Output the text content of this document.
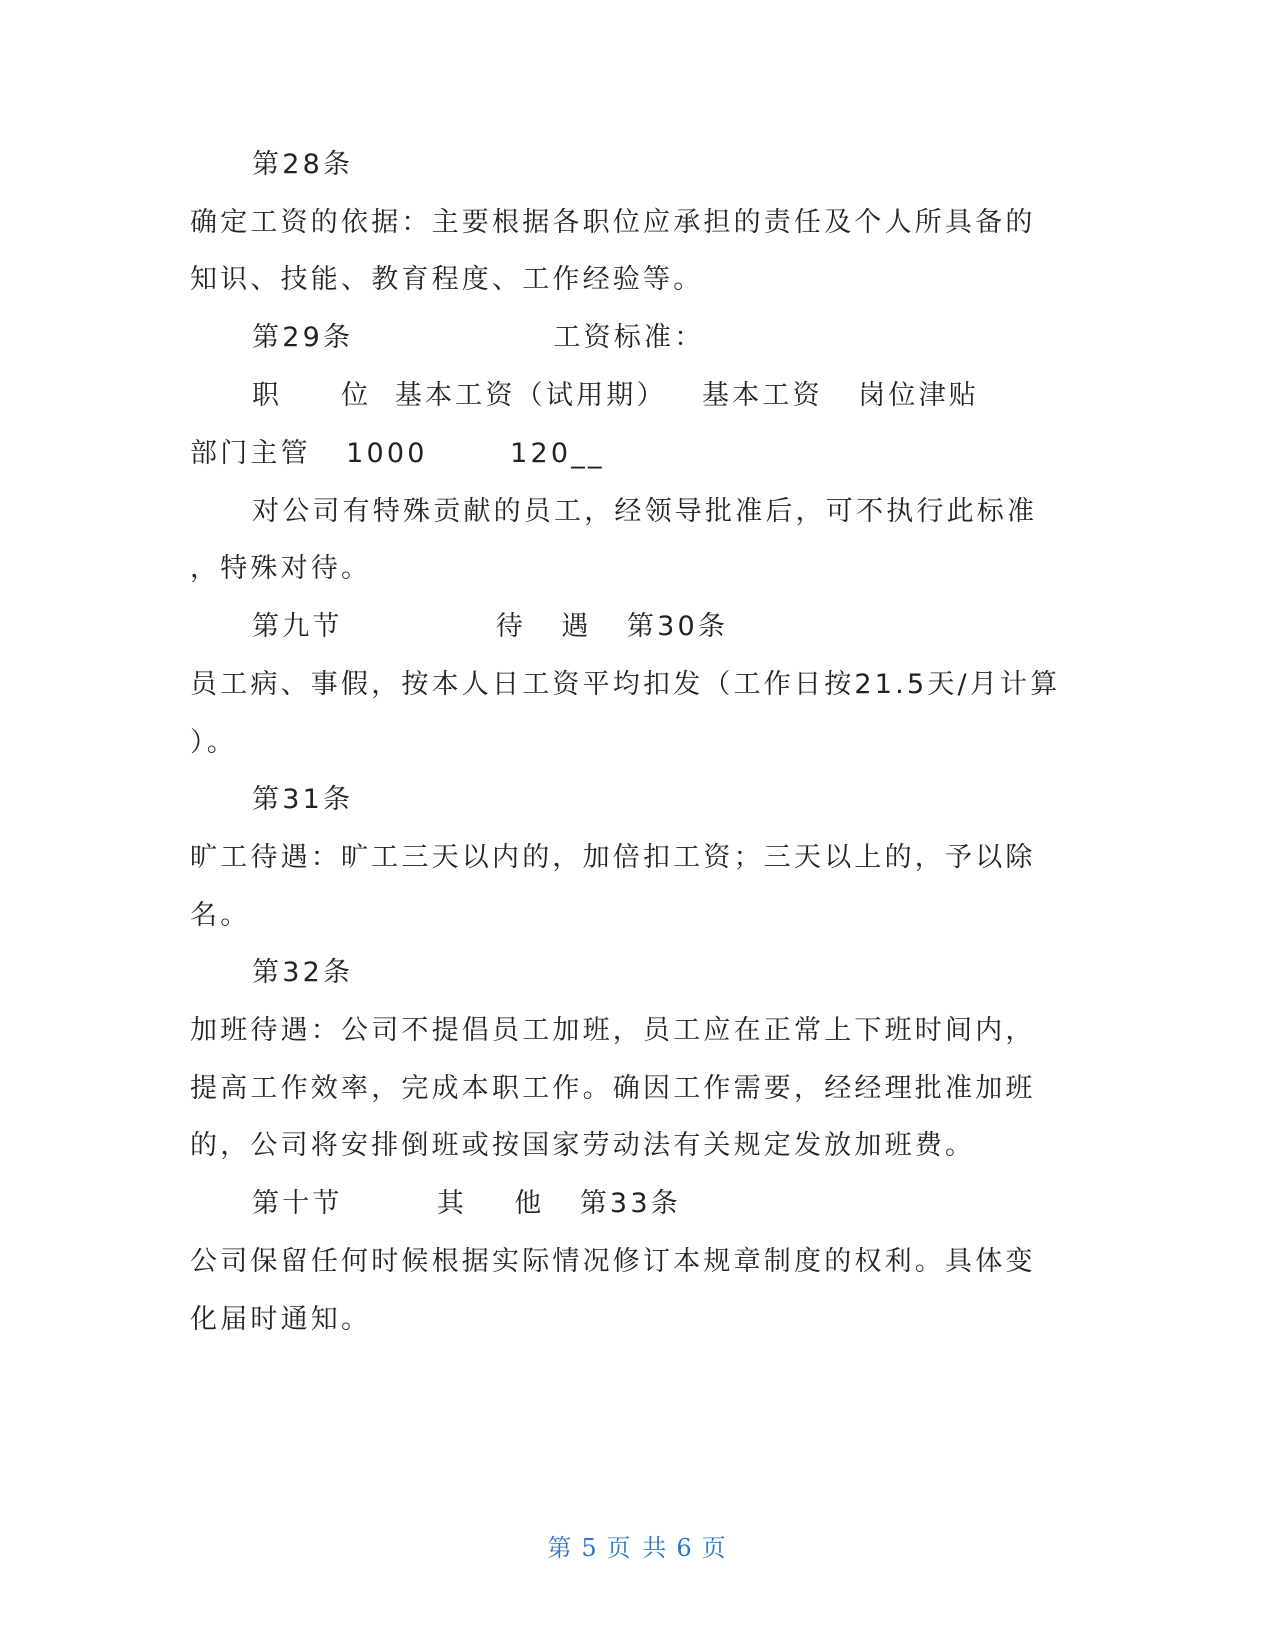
第28条
确定工资的依据：主要根据各职位应承担的责任及个人所具备的
知识、技能、教育程度、工作经验等。
第29条                 工资标准：
职     位  基本工资（试用期）   基本工资   岗位津贴
部门主管   1000       120__
对公司有特殊贡献的员工，经领导批准后，可不执行此标准
，特殊对待。
第九节             待   遇   第30条
员工病、事假，按本人日工资平均扣发（工作日按21.5天/月计算
）。
第31条
旷工待遇：旷工三天以内的，加倍扣工资；三天以上的，予以除
名。
第32条
加班待遇：公司不提倡员工加班，员工应在正常上下班时间内，
提高工作效率，完成本职工作。确因工作需要，经经理批准加班
的，公司将安排倒班或按国家劳动法有关规定发放加班费。
第十节        其    他   第33条
公司保留任何时候根据实际情况修订本规章制度的权利。具体变
化届时通知。
第 5 页 共 6 页
